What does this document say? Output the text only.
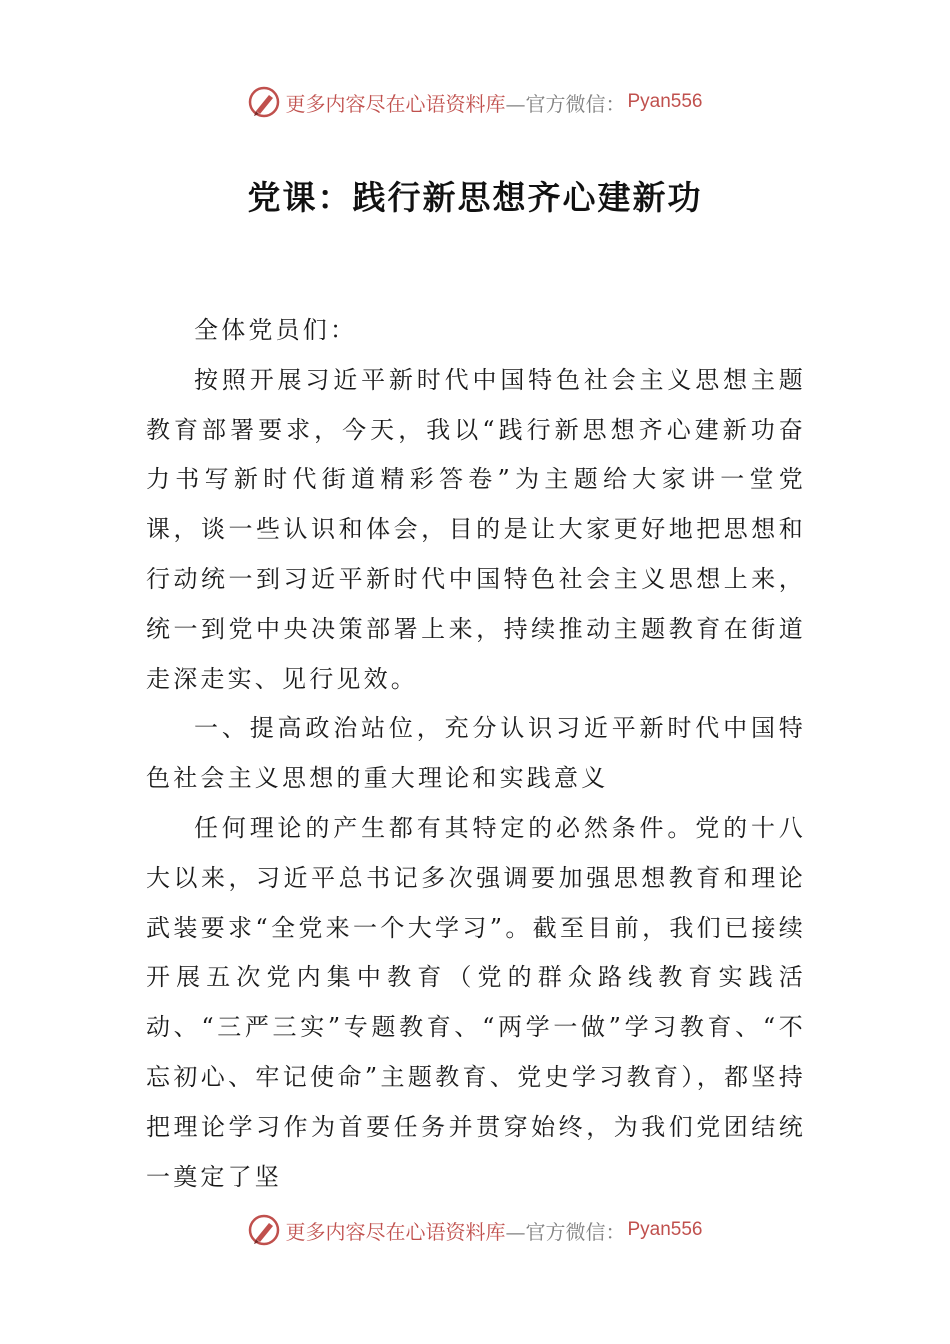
更多内容尽在心语资料库 —官方微信： Pyan556
党课：践行新思想齐心建新功

全体党员们：

按照开展习近平新时代中国特色社会主义思想主题教育部署要求，今天，我以“践行新思想齐心建新功奋力书写新时代街道精彩答卷”为主题给大家讲一堂党课，谈一些认识和体会，目的是让大家更好地把思想和行动统一到习近平新时代中国特色社会主义思想上来，统一到党中央决策部署上来，持续推动主题教育在街道走深走实、见行见效。

一、提高政治站位，充分认识习近平新时代中国特色社会主义思想的重大理论和实践意义

任何理论的产生都有其特定的必然条件。党的十八大以来，习近平总书记多次强调要加强思想教育和理论武装要求“全党来一个大学习”。截至目前，我们已接续开展五次党内集中教育（党的群众路线教育实践活动、“三严三实”专题教育、“两学一做”学习教育、“不忘初心、牢记使命”主题教育、党史学习教育），都坚持把理论学习作为首要任务并贯穿始终，为我们党团结统一奠定了坚

更多内容尽在心语资料库 —官方微信： Pyan556
